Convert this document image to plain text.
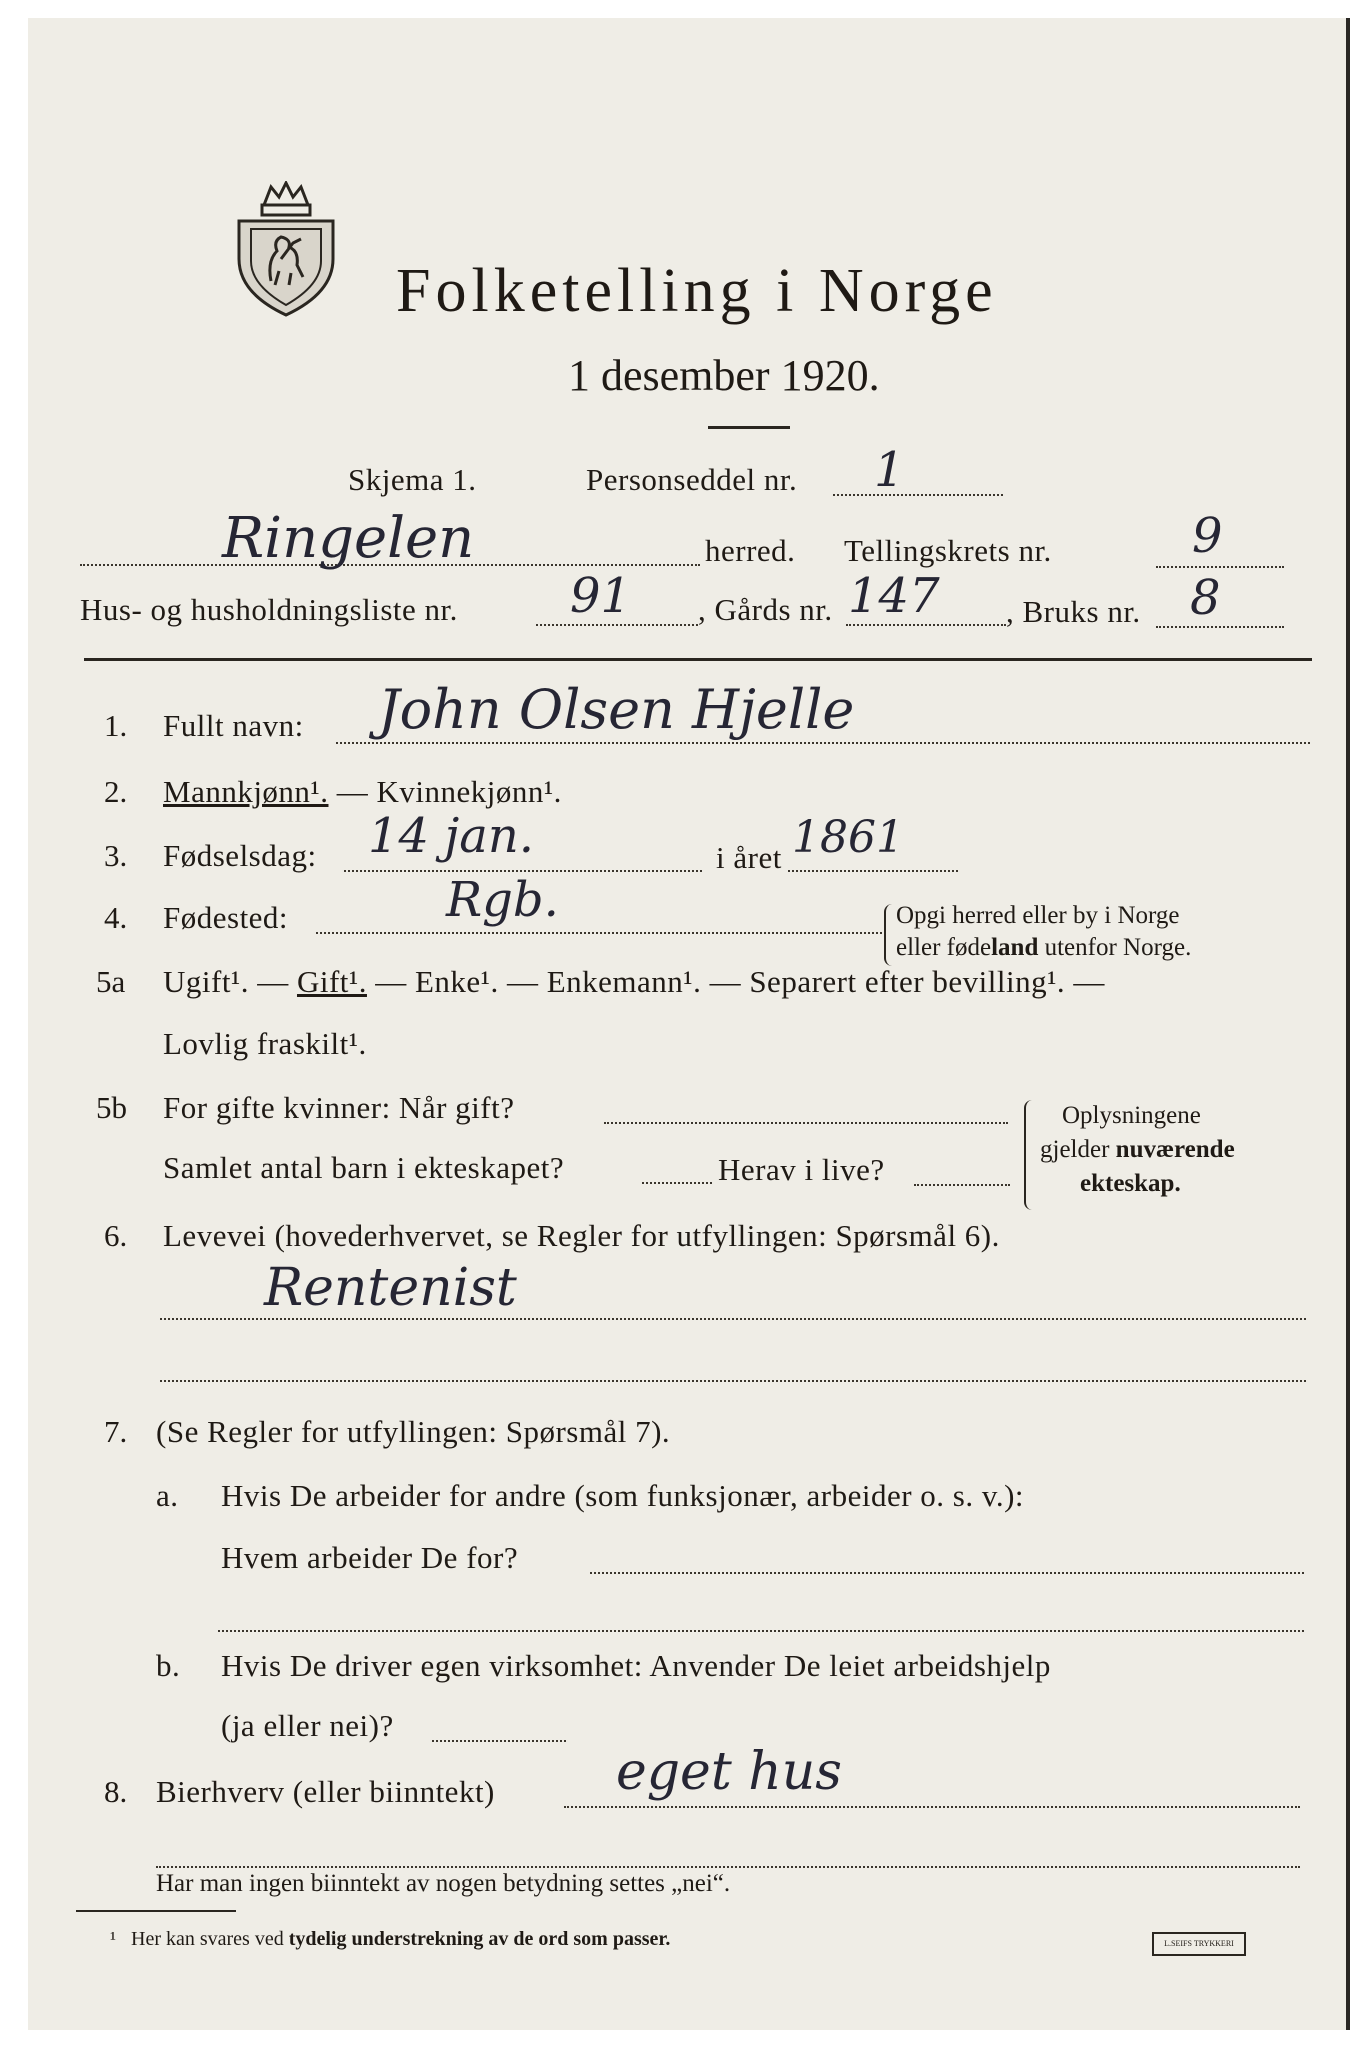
Folketelling i Norge
1 desember 1920.
Skjema 1.	Personseddel nr. 1
Ringelen	herred. Tellingskrets nr.	9
Hus- og husholdningsliste nr. 91 , Gårds nr. 147 , Bruks nr. 8
1. Fullt navn: John Olsen Hjelle
2. Mannkjønn¹. — Kvinnekjønn¹.
3. Fødselsdag: 14 jan.	i året 1861
4. Fødested:	Rgb.	Opgi herred eller by i Norge
eller fødeland utenfor Norge.
5a Ugift¹. — Gift¹. — Enke¹. — Enkemann¹. — Separert efter bevilling¹. —
Lovlig fraskilt¹.
5b For gifte kvinner: Når gift?
Samlet antal barn i ekteskapet?	Herav i live?
Oplysningene
gjelder nuværende
ekteskap.
6. Levevei (hovederhvervet, se Regler for utfyllingen: Spørsmål 6).
Rentenist
7. (Se Regler for utfyllingen: Spørsmål 7).
a. Hvis De arbeider for andre (som funksjonær, arbeider o. s. v.):
Hvem arbeider De for?
b. Hvis De driver egen virksomhet: Anvender De leiet arbeidshjelp
(ja eller nei)?
8. Bierhverv (eller biinntekt) eget hus
Har man ingen biinntekt av nogen betydning settes „nei“.
¹ Her kan svares ved tydelig understrekning av de ord som passer.	L.SEIFS TRYKKERI
